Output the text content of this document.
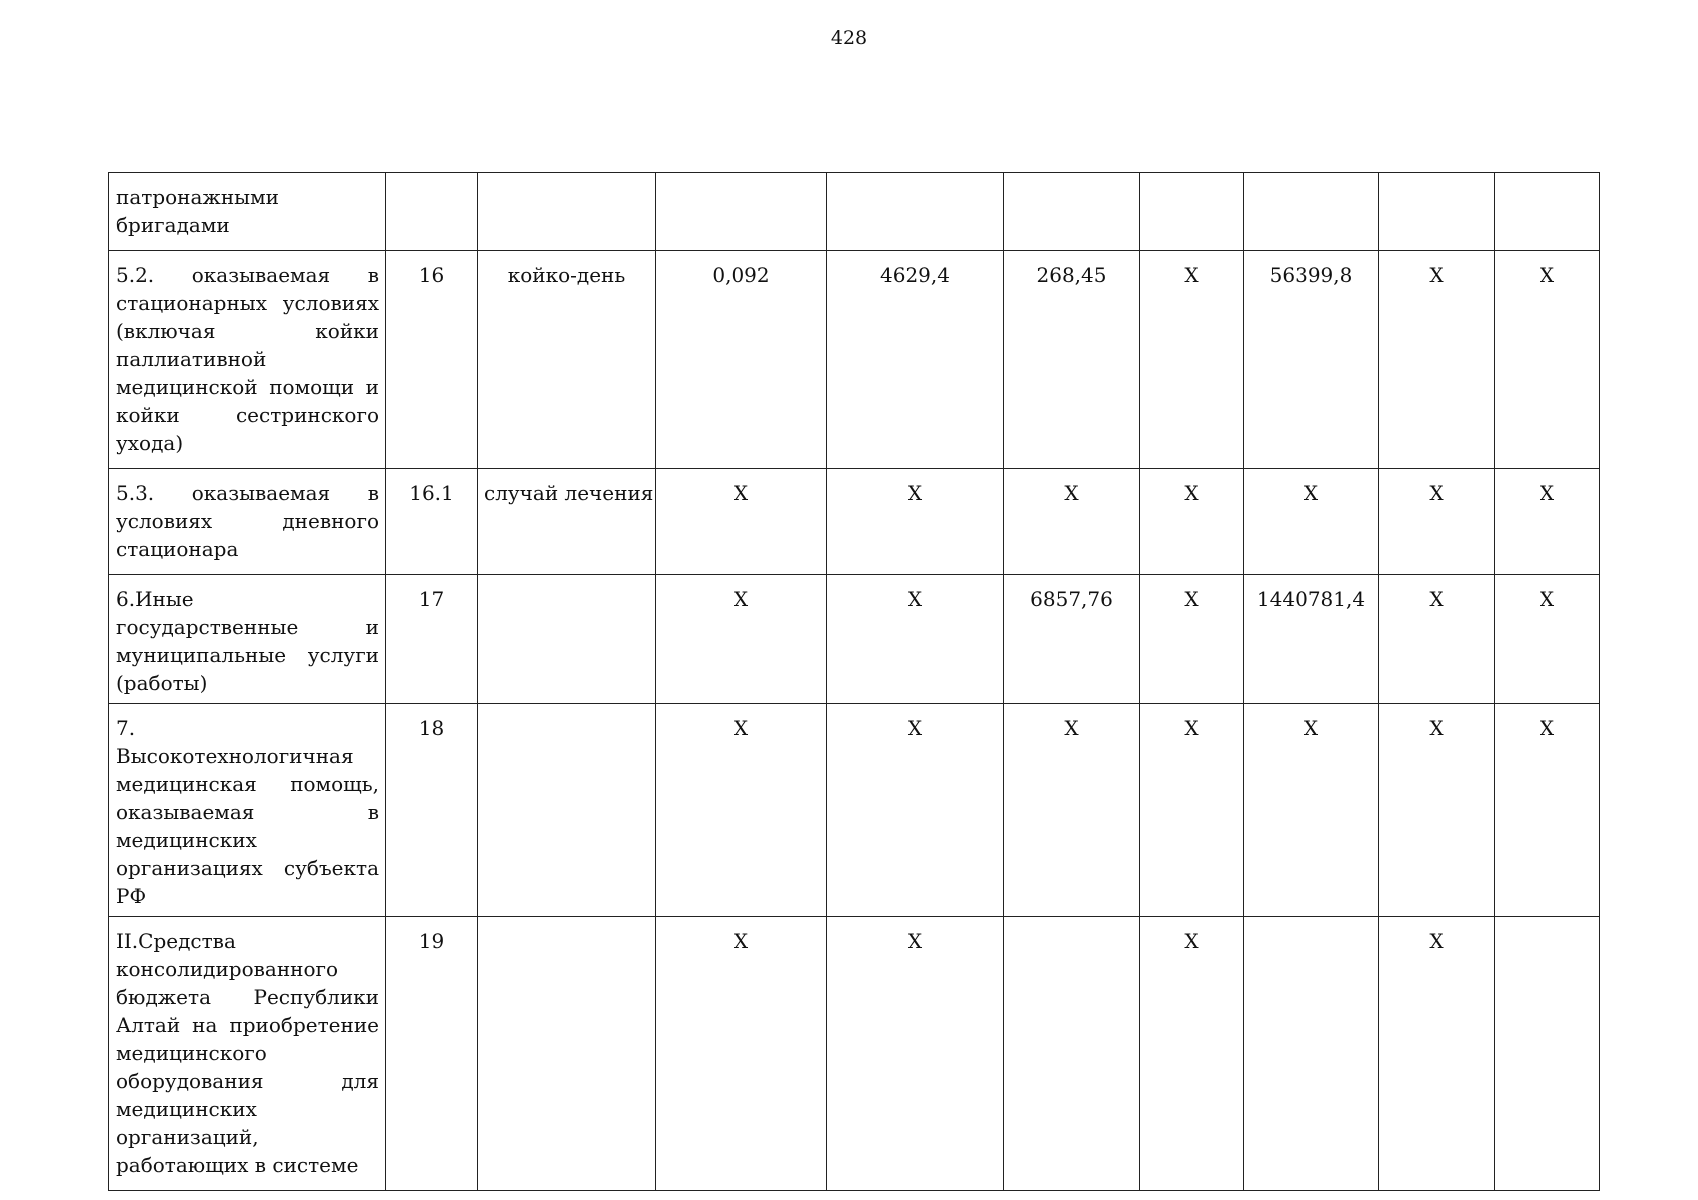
428
патронажными бригадами									
5.2. оказываемая в стационарных условиях (включая койки паллиативной медицинской помощи и койки сестринского ухода)	16	койко-день	0,092	4629,4	268,45	X	56399,8	X	X
5.3. оказываемая в условиях дневного стационара	16.1	случай лечения	X	X	X	X	X	X	X
6.Иные государственные и муниципальные услуги (работы)	17		X	X	6857,76	X	1440781,4	X	X
7. Высокотехнологичная медицинская помощь, оказываемая в медицинских организациях субъекта РФ	18		X	X	X	X	X	X	X
II.Средства консолидированного бюджета Республики Алтай на приобретение медицинского оборудования для медицинских организаций, работающих в системе	19		X	X		X		X	
